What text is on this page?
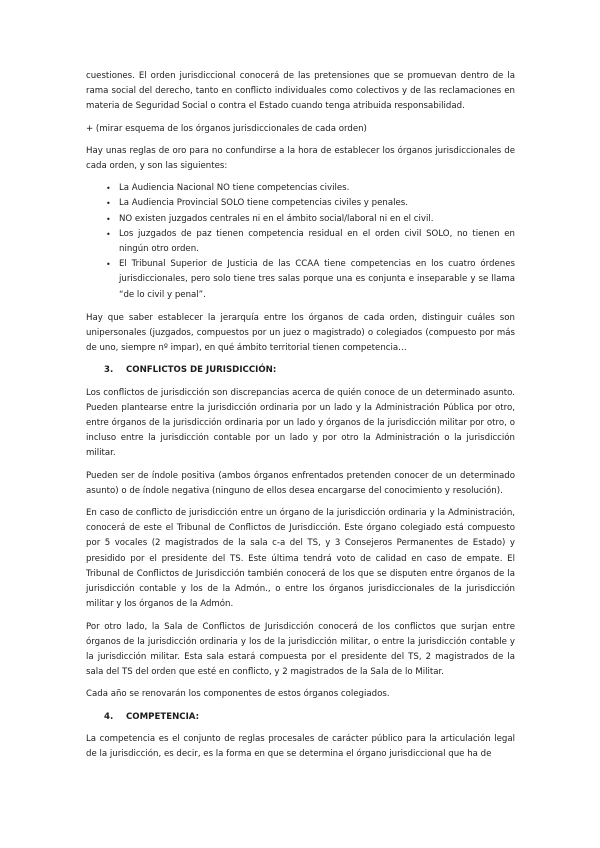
cuestiones. El orden jurisdiccional conocerá de las pretensiones que se promuevan dentro de la rama social del derecho, tanto en conflicto individuales como colectivos y de las reclamaciones en materia de Seguridad Social o contra el Estado cuando tenga atribuida responsabilidad.

+ (mirar esquema de los órganos jurisdiccionales de cada orden)

Hay unas reglas de oro para no confundirse a la hora de establecer los órganos jurisdiccionales de cada orden, y son las siguientes:

• La Audiencia Nacional NO tiene competencias civiles.
• La Audiencia Provincial SOLO tiene competencias civiles y penales.
• NO existen juzgados centrales ni en el ámbito social/laboral ni en el civil.
• Los juzgados de paz tienen competencia residual en el orden civil SOLO, no tienen en ningún otro orden.
• El Tribunal Superior de Justicia de las CCAA tiene competencias en los cuatro órdenes jurisdiccionales, pero solo tiene tres salas porque una es conjunta e inseparable y se llama “de lo civil y penal”.

Hay que saber establecer la jerarquía entre los órganos de cada orden, distinguir cuáles son unipersonales (juzgados, compuestos por un juez o magistrado) o colegiados (compuesto por más de uno, siempre nº impar), en qué ámbito territorial tienen competencia…

3. CONFLICTOS DE JURISDICCIÓN:

Los conflictos de jurisdicción son discrepancias acerca de quién conoce de un determinado asunto. Pueden plantearse entre la jurisdicción ordinaria por un lado y la Administración Pública por otro, entre órganos de la jurisdicción ordinaria por un lado y órganos de la jurisdicción militar por otro, o incluso entre la jurisdicción contable por un lado y por otro la Administración o la jurisdicción militar.

Pueden ser de índole positiva (ambos órganos enfrentados pretenden conocer de un determinado asunto) o de índole negativa (ninguno de ellos desea encargarse del conocimiento y resolución).

En caso de conflicto de jurisdicción entre un órgano de la jurisdicción ordinaria y la Administración, conocerá de este el Tribunal de Conflictos de Jurisdicción. Este órgano colegiado está compuesto por 5 vocales (2 magistrados de la sala c-a del TS, y 3 Consejeros Permanentes de Estado) y presidido por el presidente del TS. Este última tendrá voto de calidad en caso de empate. El Tribunal de Conflictos de Jurisdicción también conocerá de los que se disputen entre órganos de la jurisdicción contable y los de la Admón., o entre los órganos jurisdiccionales de la jurisdicción militar y los órganos de la Admón.

Por otro lado, la Sala de Conflictos de Jurisdicción conocerá de los conflictos que surjan entre órganos de la jurisdicción ordinaria y los de la jurisdicción militar, o entre la jurisdicción contable y la jurisdicción militar. Esta sala estará compuesta por el presidente del TS, 2 magistrados de la sala del TS del orden que esté en conflicto, y 2 magistrados de la Sala de lo Militar.

Cada año se renovarán los componentes de estos órganos colegiados.

4. COMPETENCIA:

La competencia es el conjunto de reglas procesales de carácter público para la articulación legal de la jurisdicción, es decir, es la forma en que se determina el órgano jurisdiccional que ha de
